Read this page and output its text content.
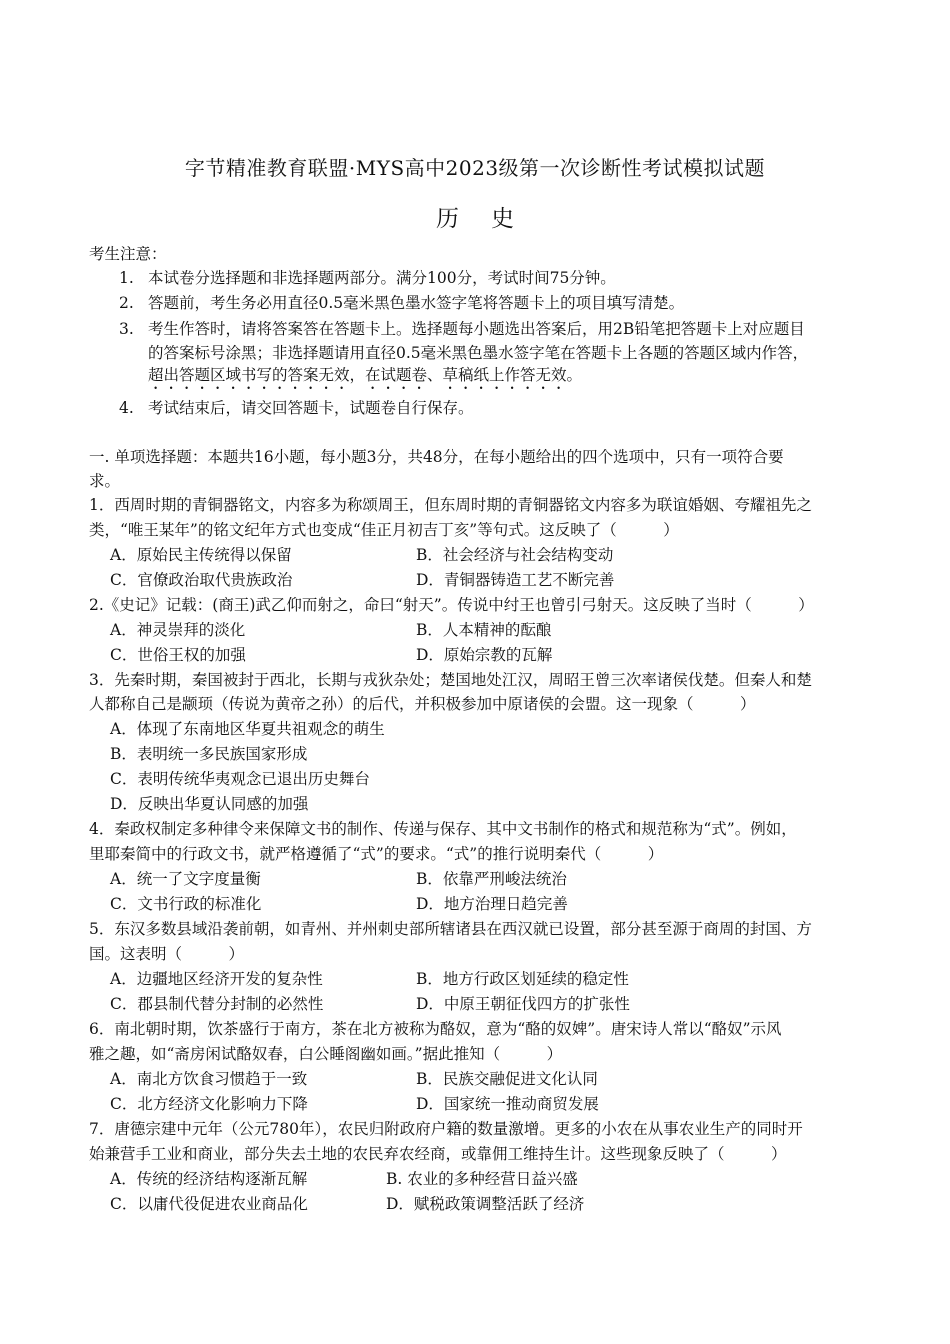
字节精准教育联盟·MYS高中2023级第一次诊断性考试模拟试题
历史
考生注意：
1. 本试卷分选择题和非选择题两部分。满分100分，考试时间75分钟。
2. 答题前，考生务必用直径0.5毫米黑色墨水签字笔将答题卡上的项目填写清楚。
3. 考生作答时，请将答案答在答题卡上。选择题每小题选出答案后，用2B铅笔把答题卡上对应题目
的答案标号涂黑；非选择题请用直径0.5毫米黑色墨水签字笔在答题卡上各题的答题区域内作答，
超出答题区域书写的答案无效，在试题卷、草稿纸上作答无效。
4. 考试结束后，请交回答题卡，试题卷自行保存。
一. 单项选择题：本题共16小题，每小题3分，共48分，在每小题给出的四个选项中，只有一项符合要
求。
1．西周时期的青铜器铭文，内容多为称颂周王，但东周时期的青铜器铭文内容多为联谊婚姻、夸耀祖先之
类，“唯王某年”的铭文纪年方式也变成“佳正月初吉丁亥”等句式。这反映了（　　　）
A．原始民主传统得以保留	B．社会经济与社会结构变动
C．官僚政治取代贵族政治	D．青铜器铸造工艺不断完善
2.《史记》记载：(商王)武乙仰而射之，命曰“射天”。传说中纣王也曾引弓射天。这反映了当时（　　　）
A．神灵崇拜的淡化	B．人本精神的酝酿
C．世俗王权的加强	D．原始宗教的瓦解
3．先秦时期，秦国被封于西北，长期与戎狄杂处；楚国地处江汉，周昭王曾三次率诸侯伐楚。但秦人和楚
人都称自己是颛顼（传说为黄帝之孙）的后代，并积极参加中原诸侯的会盟。这一现象（　　　）
A．体现了东南地区华夏共祖观念的萌生
B．表明统一多民族国家形成
C．表明传统华夷观念已退出历史舞台
D．反映出华夏认同感的加强
4．秦政权制定多种律令来保障文书的制作、传递与保存、其中文书制作的格式和规范称为“式”。例如，
里耶秦简中的行政文书，就严格遵循了“式”的要求。“式”的推行说明秦代（　　　）
A．统一了文字度量衡	B．依靠严刑峻法统治
C．文书行政的标准化	D．地方治理日趋完善
5．东汉多数县域沿袭前朝，如青州、并州刺史部所辖诸县在西汉就已设置，部分甚至源于商周的封国、方
国。这表明（　　　）
A．边疆地区经济开发的复杂性	B．地方行政区划延续的稳定性
C．郡县制代替分封制的必然性	D．中原王朝征伐四方的扩张性
6．南北朝时期，饮茶盛行于南方，茶在北方被称为酪奴，意为“酪的奴婢”。唐宋诗人常以“酪奴”示风
雅之趣，如“斋房闲试酪奴春，白公睡阁幽如画。”据此推知（　　　）
A．南北方饮食习惯趋于一致	B．民族交融促进文化认同
C．北方经济文化影响力下降	D．国家统一推动商贸发展
7．唐德宗建中元年（公元780年），农民归附政府户籍的数量激增。更多的小农在从事农业生产的同时开
始兼营手工业和商业，部分失去土地的农民弃农经商，或靠佣工维持生计。这些现象反映了（　　　）
A．传统的经济结构逐渐瓦解	B. 农业的多种经营日益兴盛
C．以庸代役促进农业商品化	D．赋税政策调整活跃了经济
